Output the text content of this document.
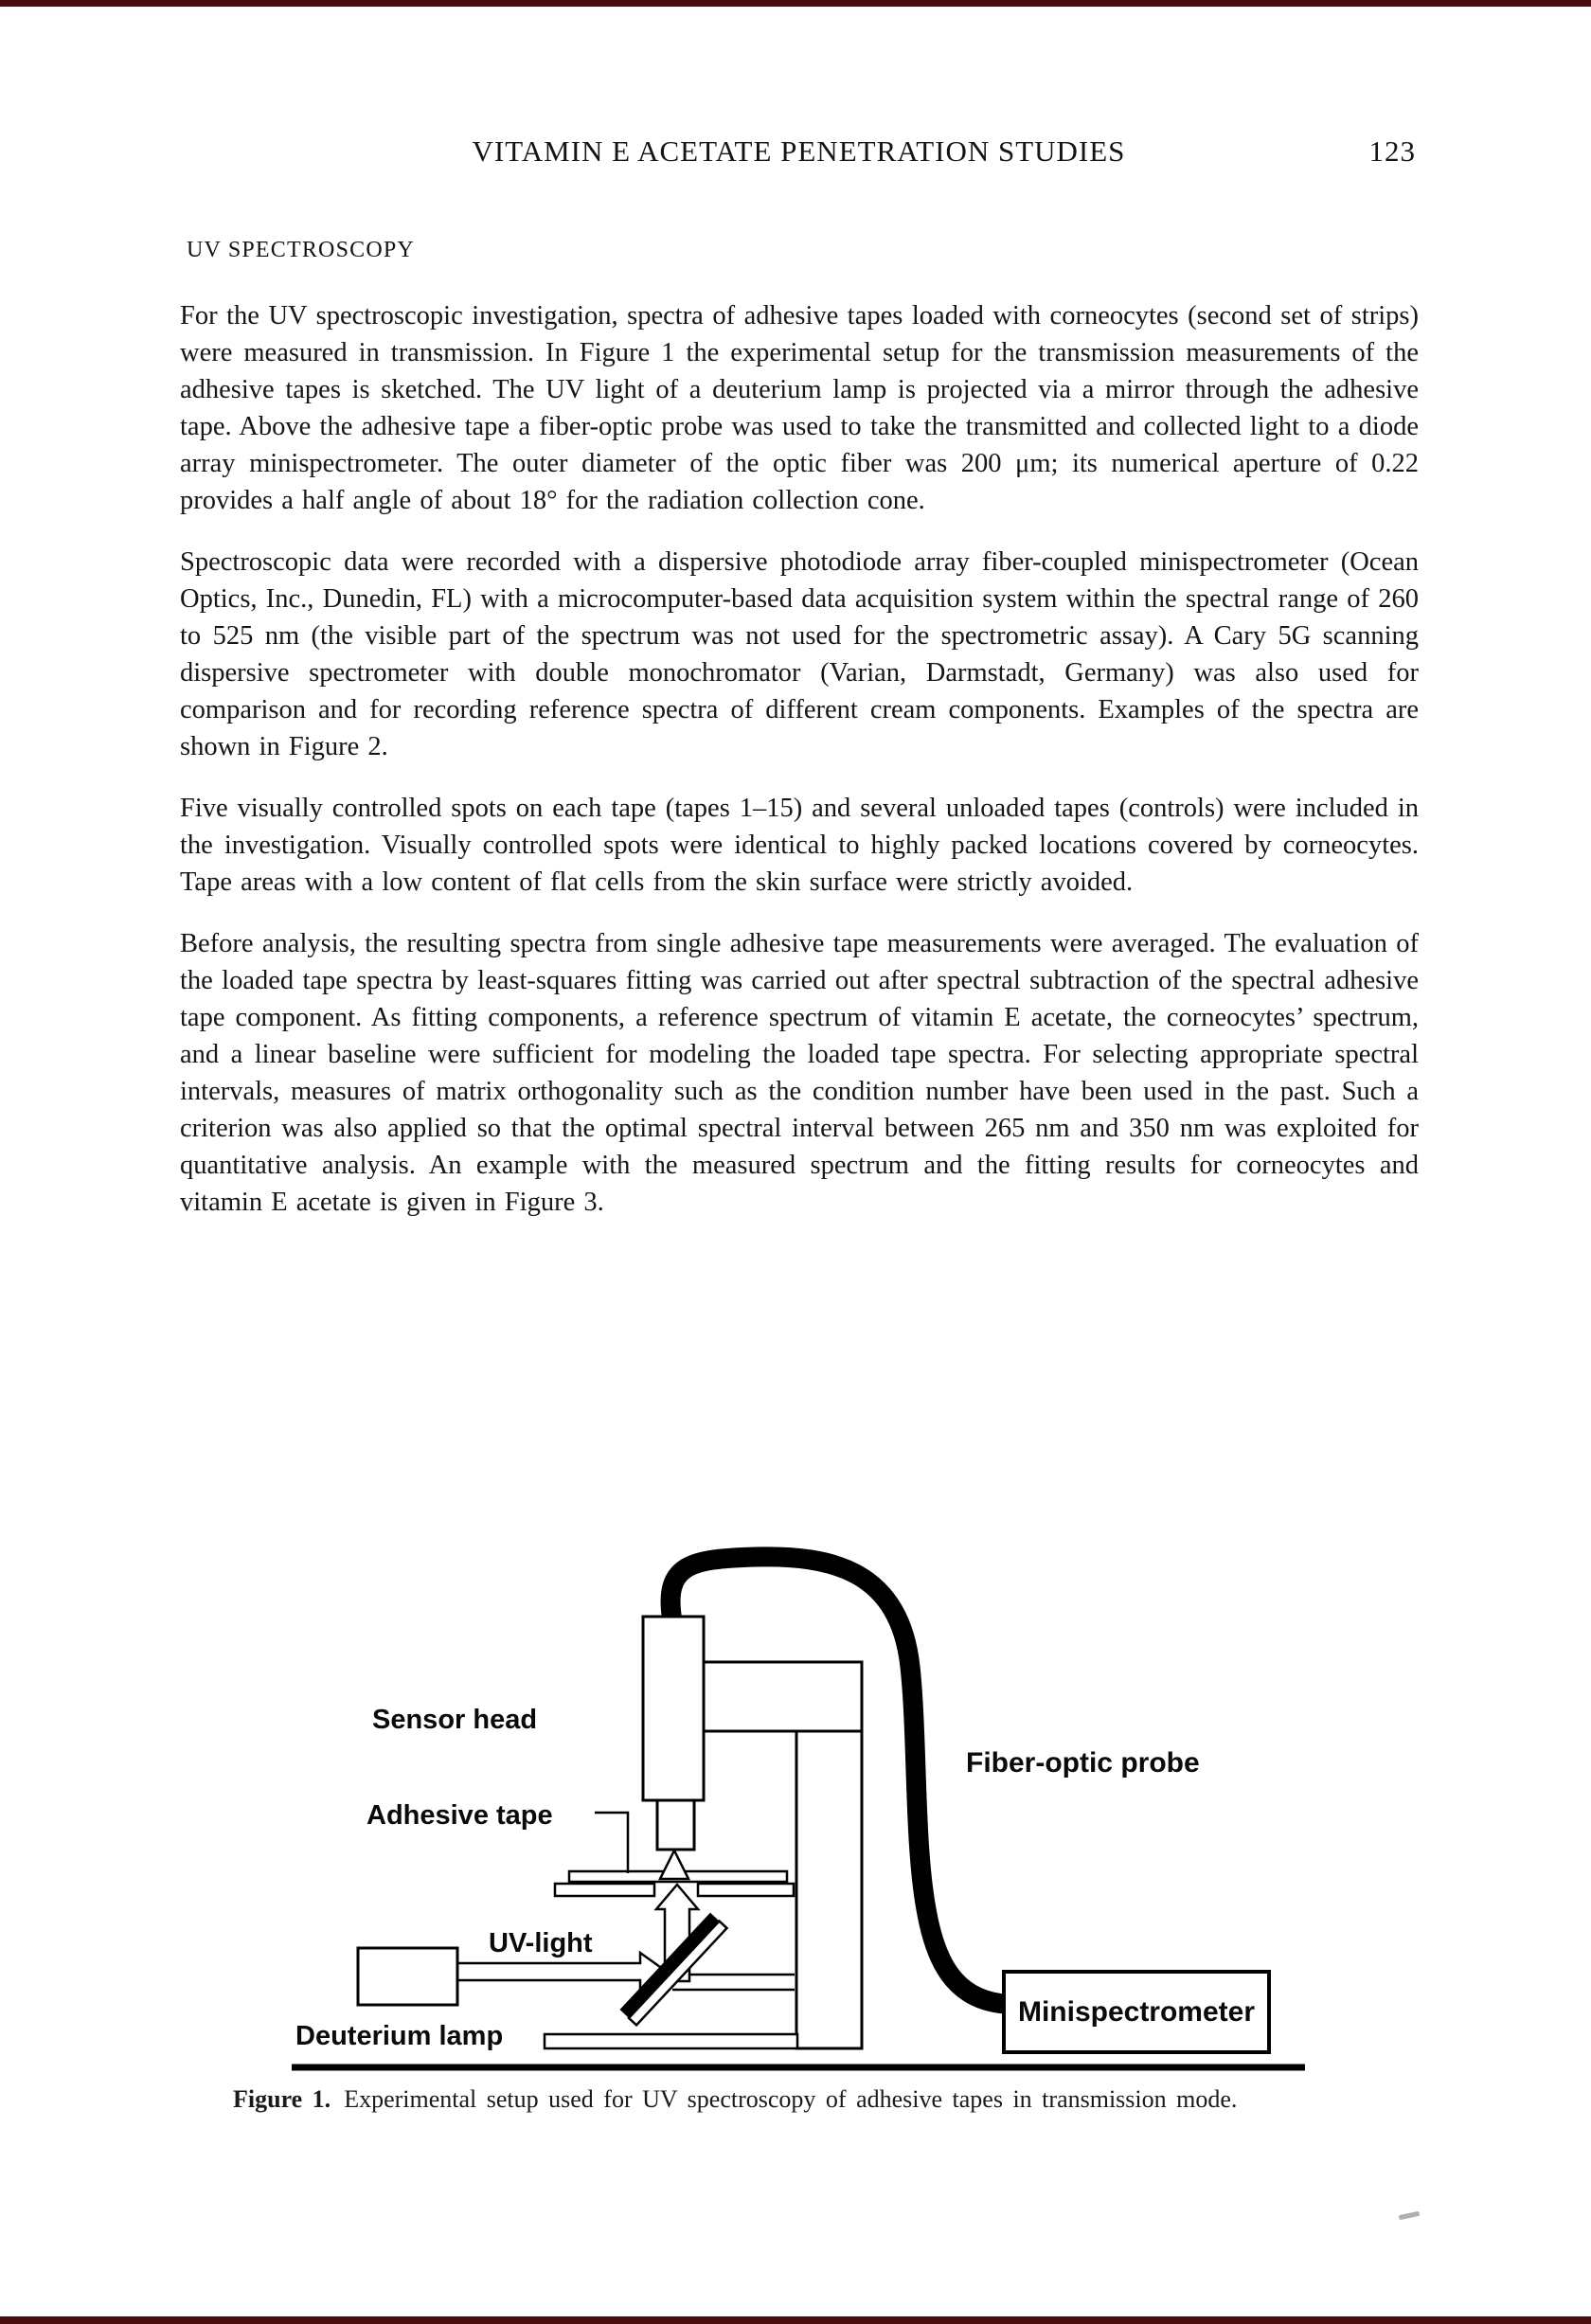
VITAMIN E ACETATE PENETRATION STUDIES	123
UV SPECTROSCOPY

For the UV spectroscopic investigation, spectra of adhesive tapes loaded with corneocytes (second set of strips) were measured in transmission. In Figure 1 the experimental setup for the transmission measurements of the adhesive tapes is sketched. The UV light of a deuterium lamp is projected via a mirror through the adhesive tape. Above the adhesive tape a fiber-optic probe was used to take the transmitted and collected light to a diode array minispectrometer. The outer diameter of the optic fiber was 200 μm; its numerical aperture of 0.22 provides a half angle of about 18° for the radiation collection cone.

Spectroscopic data were recorded with a dispersive photodiode array fiber-coupled minispectrometer (Ocean Optics, Inc., Dunedin, FL) with a microcomputer-based data acquisition system within the spectral range of 260 to 525 nm (the visible part of the spectrum was not used for the spectrometric assay). A Cary 5G scanning dispersive spectrometer with double monochromator (Varian, Darmstadt, Germany) was also used for comparison and for recording reference spectra of different cream components. Examples of the spectra are shown in Figure 2.

Five visually controlled spots on each tape (tapes 1–15) and several unloaded tapes (controls) were included in the investigation. Visually controlled spots were identical to highly packed locations covered by corneocytes. Tape areas with a low content of flat cells from the skin surface were strictly avoided.

Before analysis, the resulting spectra from single adhesive tape measurements were averaged. The evaluation of the loaded tape spectra by least-squares fitting was carried out after spectral subtraction of the spectral adhesive tape component. As fitting components, a reference spectrum of vitamin E acetate, the corneocytes’ spectrum, and a linear baseline were sufficient for modeling the loaded tape spectra. For selecting appropriate spectral intervals, measures of matrix orthogonality such as the condition number have been used in the past. Such a criterion was also applied so that the optimal spectral interval between 265 nm and 350 nm was exploited for quantitative analysis. An example with the measured spectrum and the fitting results for corneocytes and vitamin E acetate is given in Figure 3.

Sensor head
Adhesive tape
Fiber-optic probe
UV-light
Deuterium lamp
Minispectrometer
Figure 1. Experimental setup used for UV spectroscopy of adhesive tapes in transmission mode.
